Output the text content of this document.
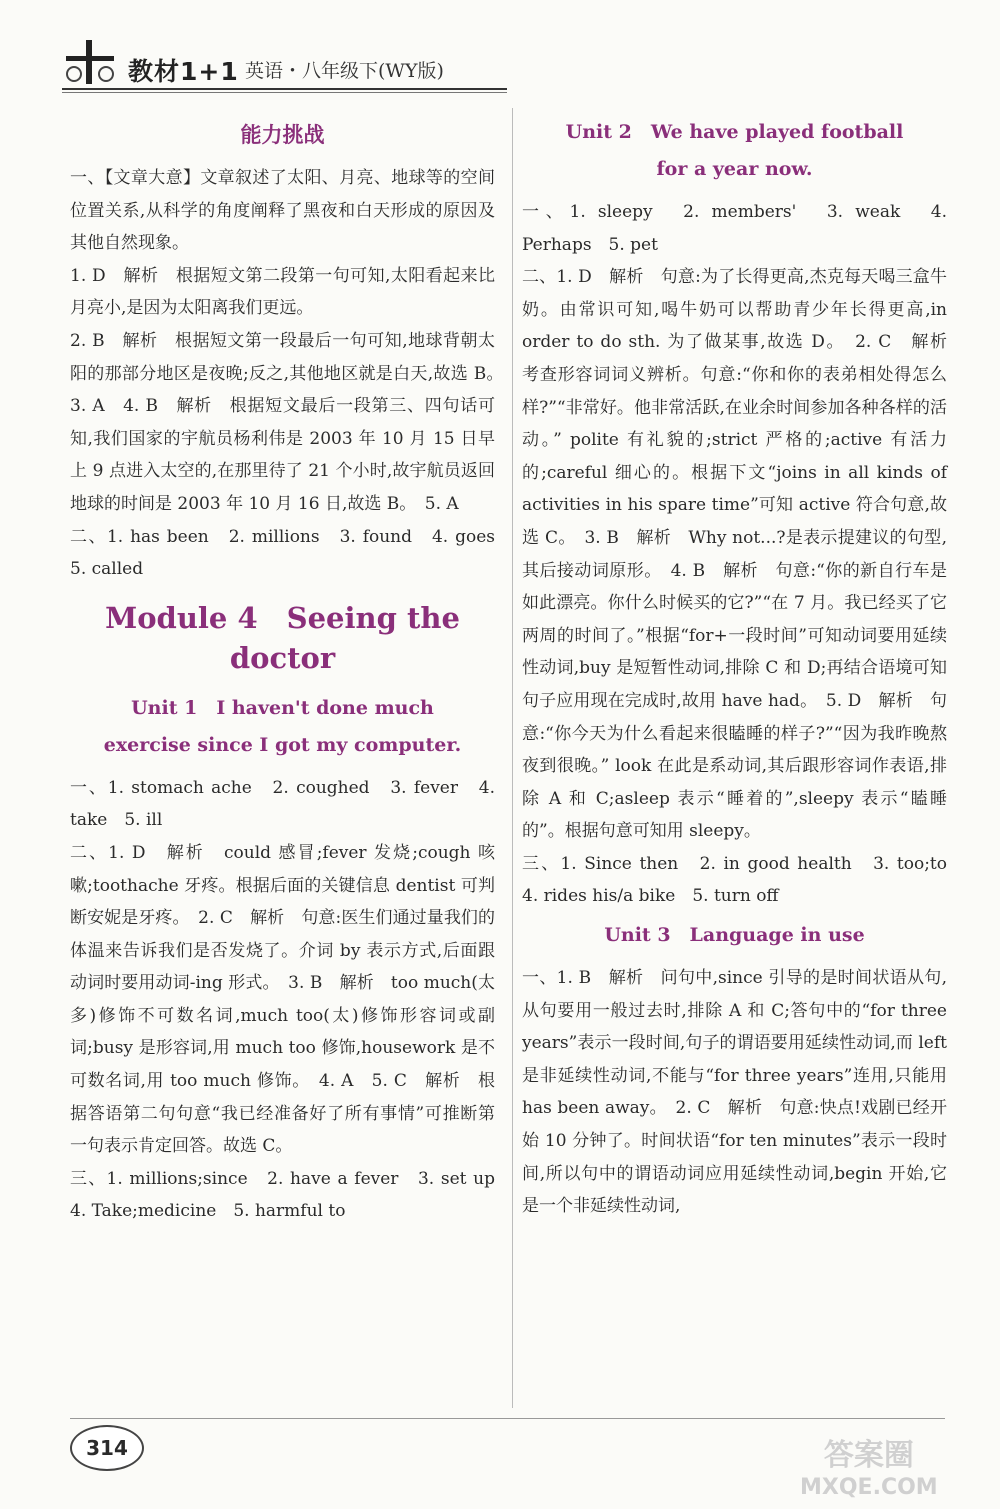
教材1+1 英语・八年级下(WY版)
能力挑战
一、【文章大意】文章叙述了太阳、月亮、地球等的空间位置关系,从科学的角度阐释了黑夜和白天形成的原因及其他自然现象。
1. D　解析　根据短文第二段第一句可知,太阳看起来比月亮小,是因为太阳离我们更远。
2. B　解析　根据短文第一段最后一句可知,地球背朝太阳的那部分地区是夜晚;反之,其他地区就是白天,故选 B。　3. A　4. B　解析　根据短文最后一段第三、四句话可知,我们国家的宇航员杨利伟是 2003 年 10 月 15 日早上 9 点进入太空的,在那里待了 21 个小时,故宇航员返回地球的时间是 2003 年 10 月 16 日,故选 B。　5. A
二、1. has been　2. millions　3. found　4. goes　5. called
Module 4　Seeing the doctor
Unit 1　I haven't done much
exercise since I got my computer.
一、1. stomach ache　2. coughed　3. fever　4. take　5. ill
二、1. D　解析　could 感冒;fever 发烧;cough 咳嗽;toothache 牙疼。根据后面的关键信息 dentist 可判断安妮是牙疼。　2. C　解析　句意:医生们通过量我们的体温来告诉我们是否发烧了。介词 by 表示方式,后面跟动词时要用动词-ing 形式。　3. B　解析　too much(太多)修饰不可数名词,much too(太)修饰形容词或副词;busy 是形容词,用 much too 修饰,housework 是不可数名词,用 too much 修饰。　4. A　5. C　解析　根据答语第二句句意“我已经准备好了所有事情”可推断第一句表示肯定回答。故选 C。
三、1. millions;since　2. have a fever　3. set up　4. Take;medicine　5. harmful to
Unit 2　We have played football
for a year now.
一、1. sleepy　2. members'　3. weak　4. Perhaps　5. pet
二、1. D　解析　句意:为了长得更高,杰克每天喝三盒牛奶。由常识可知,喝牛奶可以帮助青少年长得更高,in order to do sth. 为了做某事,故选 D。　2. C　解析　考查形容词词义辨析。句意:“你和你的表弟相处得怎么样?”“非常好。他非常活跃,在业余时间参加各种各样的活动。” polite 有礼貌的;strict 严格的;active 有活力的;careful 细心的。根据下文“joins in all kinds of activities in his spare time”可知 active 符合句意,故选 C。　3. B　解析　Why not...?是表示提建议的句型,其后接动词原形。　4. B　解析　句意:“你的新自行车是如此漂亮。你什么时候买的它?”“在 7 月。我已经买了它两周的时间了。”根据“for+一段时间”可知动词要用延续性动词,buy 是短暂性动词,排除 C 和 D;再结合语境可知句子应用现在完成时,故用 have had。　5. D　解析　句意:“你今天为什么看起来很瞌睡的样子?”“因为我昨晚熬夜到很晚。” look 在此是系动词,其后跟形容词作表语,排除 A 和 C;asleep 表示“睡着的”,sleepy 表示“瞌睡的”。根据句意可知用 sleepy。
三、1. Since then　2. in good health　3. too;to　4. rides his/a bike　5. turn off
Unit 3　Language in use
一、1. B　解析　问句中,since 引导的是时间状语从句,从句要用一般过去时,排除 A 和 C;答句中的“for three years”表示一段时间,句子的谓语要用延续性动词,而 left 是非延续性动词,不能与“for three years”连用,只能用 has been away。　2. C　解析　句意:快点!戏剧已经开始 10 分钟了。时间状语“for ten minutes”表示一段时间,所以句中的谓语动词应用延续性动词,begin 开始,它是一个非延续性动词,
314	答案圈
MXQE.COM
